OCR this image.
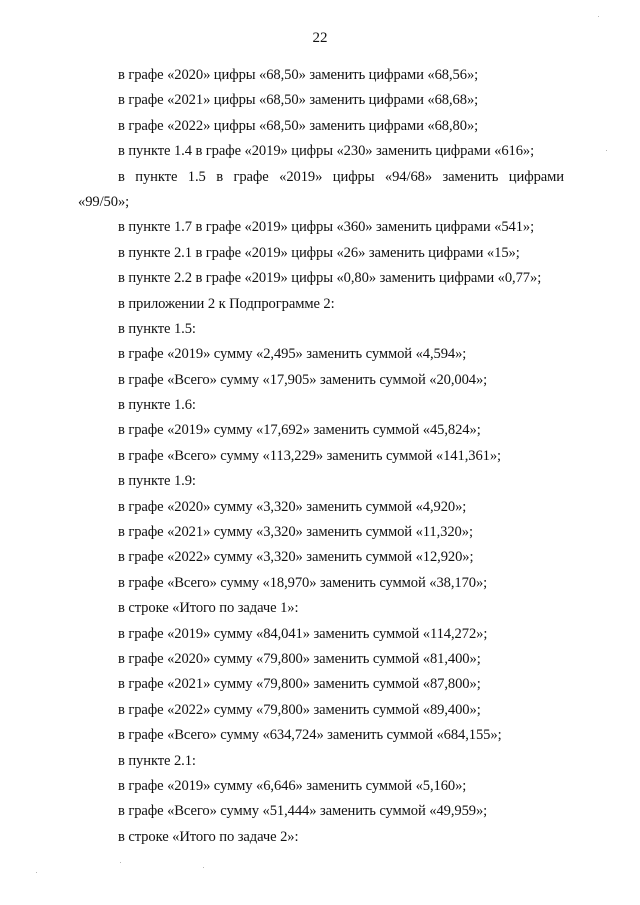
22
в графе «2020» цифры «68,50» заменить цифрами «68,56»;
в графе «2021» цифры «68,50» заменить цифрами «68,68»;
в графе «2022» цифры «68,50» заменить цифрами «68,80»;
в пункте 1.4 в графе «2019» цифры «230» заменить цифрами «616»;
в пункте 1.5 в графе «2019» цифры «94/68» заменить цифрами
«99/50»;
в пункте 1.7 в графе «2019» цифры «360» заменить цифрами «541»;
в пункте 2.1 в графе «2019» цифры «26» заменить цифрами «15»;
в пункте 2.2 в графе «2019» цифры «0,80» заменить цифрами «0,77»;
в приложении 2 к Подпрограмме 2:
в пункте 1.5:
в графе «2019» сумму «2,495» заменить суммой «4,594»;
в графе «Всего» сумму «17,905» заменить суммой «20,004»;
в пункте 1.6:
в графе «2019» сумму «17,692» заменить суммой «45,824»;
в графе «Всего» сумму «113,229» заменить суммой «141,361»;
в пункте 1.9:
в графе «2020» сумму «3,320» заменить суммой «4,920»;
в графе «2021» сумму «3,320» заменить суммой «11,320»;
в графе «2022» сумму «3,320» заменить суммой «12,920»;
в графе «Всего» сумму «18,970» заменить суммой «38,170»;
в строке «Итого по задаче 1»:
в графе «2019» сумму «84,041» заменить суммой «114,272»;
в графе «2020» сумму «79,800» заменить суммой «81,400»;
в графе «2021» сумму «79,800» заменить суммой «87,800»;
в графе «2022» сумму «79,800» заменить суммой «89,400»;
в графе «Всего» сумму «634,724» заменить суммой «684,155»;
в пункте 2.1:
в графе «2019» сумму «6,646» заменить суммой «5,160»;
в графе «Всего» сумму «51,444» заменить суммой «49,959»;
в строке «Итого по задаче 2»:
